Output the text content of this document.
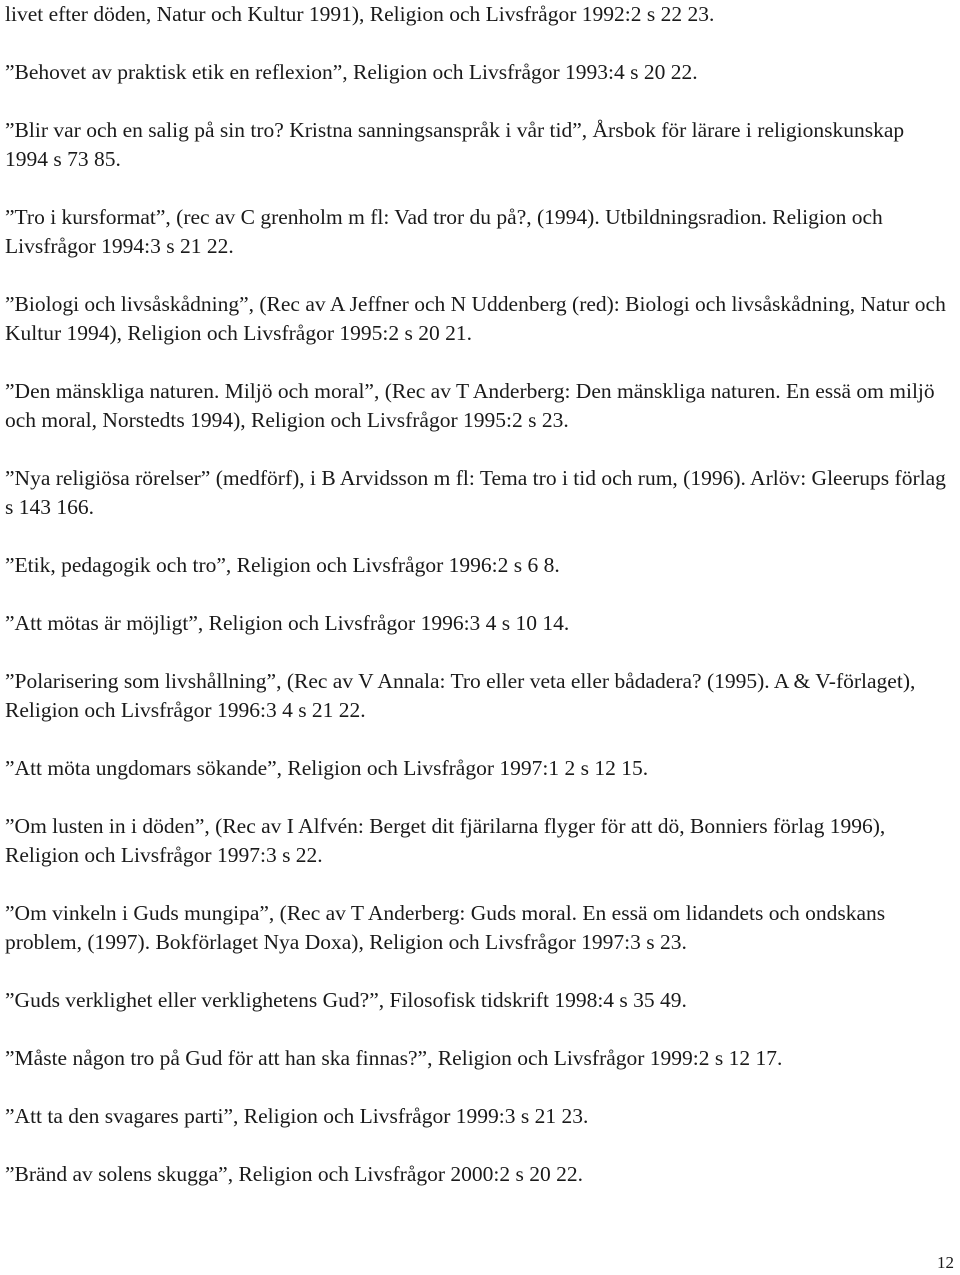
livet efter döden, Natur och Kultur 1991), Religion och Livsfrågor 1992:2 s 22 23.

”Behovet av praktisk etik en reflexion”, Religion och Livsfrågor 1993:4 s 20 22.

”Blir var och en salig på sin tro? Kristna sanningsanspråk i vår tid”, Årsbok för lärare i religionskunskap 1994 s 73 85.

”Tro i kursformat”, (rec av C grenholm m fl: Vad tror du på?, (1994). Utbildningsradion. Religion och Livsfrågor 1994:3 s 21 22.

”Biologi och livsåskådning”, (Rec av A Jeffner och N Uddenberg (red): Biologi och livsåskådning, Natur och Kultur 1994), Religion och Livsfrågor 1995:2 s 20 21.

”Den mänskliga naturen. Miljö och moral”, (Rec av T Anderberg: Den mänskliga naturen. En essä om miljö och moral, Norstedts 1994), Religion och Livsfrågor 1995:2 s 23.

”Nya religiösa rörelser” (medförf), i B Arvidsson m fl: Tema tro i tid och rum, (1996). Arlöv: Gleerups förlag s 143 166.

”Etik, pedagogik och tro”, Religion och Livsfrågor 1996:2 s 6 8.

”Att mötas är möjligt”, Religion och Livsfrågor 1996:3 4 s 10 14.

”Polarisering som livshållning”, (Rec av V Annala: Tro eller veta eller bådadera? (1995). A & V-förlaget), Religion och Livsfrågor 1996:3 4 s 21 22.

”Att möta ungdomars sökande”, Religion och Livsfrågor 1997:1 2 s 12 15.

”Om lusten in i döden”, (Rec av I Alfvén: Berget dit fjärilarna flyger för att dö, Bonniers förlag 1996), Religion och Livsfrågor 1997:3 s 22.

”Om vinkeln i Guds mungipa”, (Rec av T Anderberg: Guds moral. En essä om lidandets och ondskans problem, (1997). Bokförlaget Nya Doxa), Religion och Livsfrågor 1997:3 s 23.

”Guds verklighet eller verklighetens Gud?”, Filosofisk tidskrift 1998:4 s 35 49.

”Måste någon tro på Gud för att han ska finnas?”, Religion och Livsfrågor 1999:2 s 12 17.

”Att ta den svagares parti”, Religion och Livsfrågor 1999:3 s 21 23.

”Bränd av solens skugga”, Religion och Livsfrågor 2000:2 s 20 22.

12
